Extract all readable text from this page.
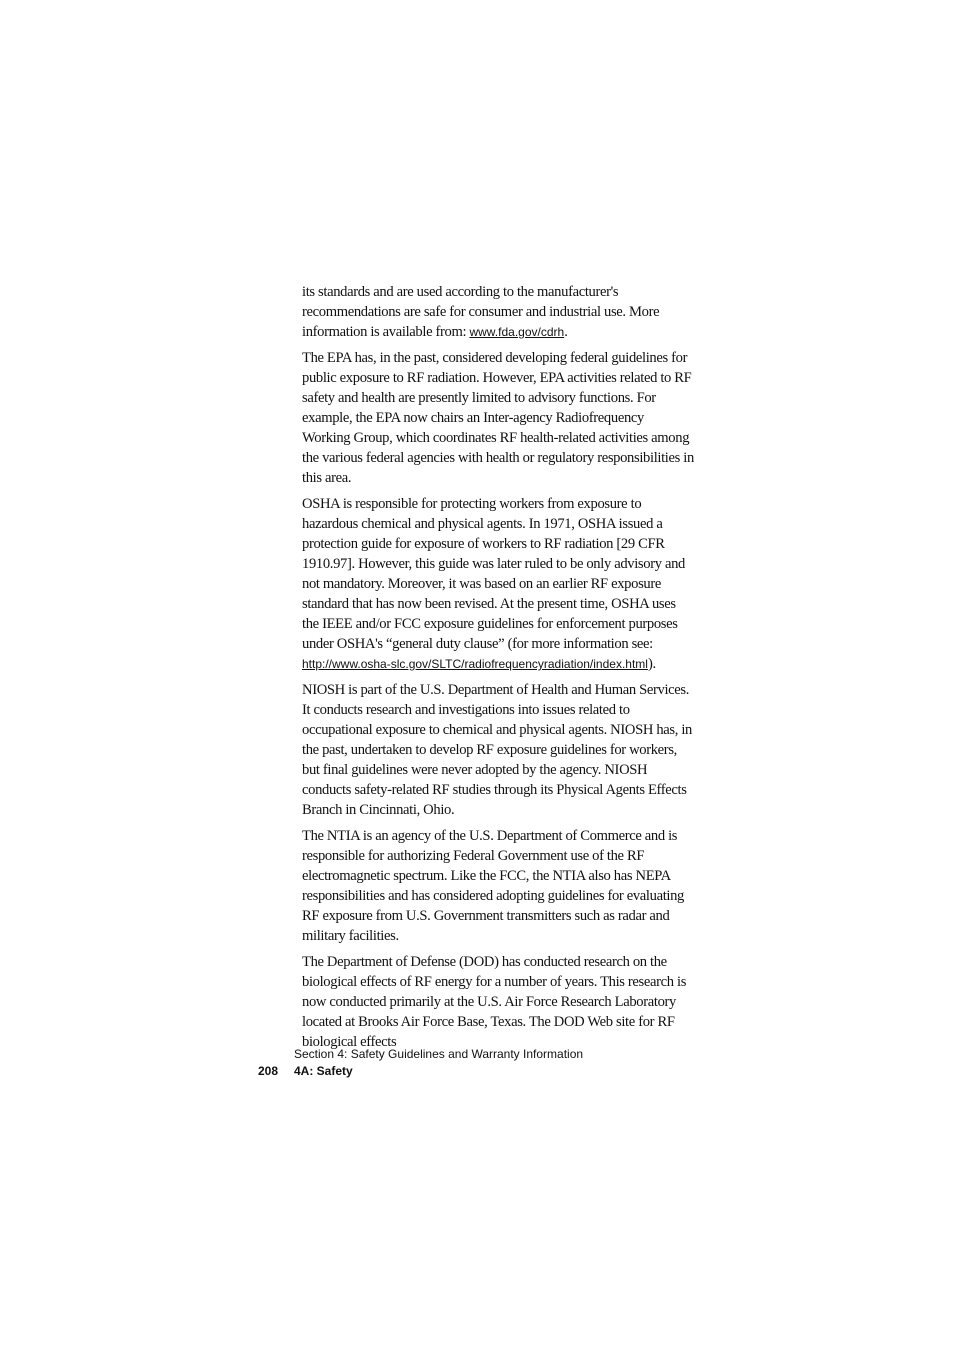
its standards and are used according to the manufacturer's recommendations are safe for consumer and industrial use. More information is available from: www.fda.gov/cdrh.

The EPA has, in the past, considered developing federal guidelines for public exposure to RF radiation. However, EPA activities related to RF safety and health are presently limited to advisory functions. For example, the EPA now chairs an Inter-agency Radiofrequency Working Group, which coordinates RF health-related activities among the various federal agencies with health or regulatory responsibilities in this area.

OSHA is responsible for protecting workers from exposure to hazardous chemical and physical agents. In 1971, OSHA issued a protection guide for exposure of workers to RF radiation [29 CFR 1910.97]. However, this guide was later ruled to be only advisory and not mandatory. Moreover, it was based on an earlier RF exposure standard that has now been revised. At the present time, OSHA uses the IEEE and/or FCC exposure guidelines for enforcement purposes under OSHA's “general duty clause” (for more information see: http://www.osha-slc.gov/SLTC/radiofrequencyradiation/index.html).

NIOSH is part of the U.S. Department of Health and Human Services. It conducts research and investigations into issues related to occupational exposure to chemical and physical agents. NIOSH has, in the past, undertaken to develop RF exposure guidelines for workers, but final guidelines were never adopted by the agency. NIOSH conducts safety-related RF studies through its Physical Agents Effects Branch in Cincinnati, Ohio.

The NTIA is an agency of the U.S. Department of Commerce and is responsible for authorizing Federal Government use of the RF electromagnetic spectrum. Like the FCC, the NTIA also has NEPA responsibilities and has considered adopting guidelines for evaluating RF exposure from U.S. Government transmitters such as radar and military facilities.

The Department of Defense (DOD) has conducted research on the biological effects of RF energy for a number of years. This research is now conducted primarily at the U.S. Air Force Research Laboratory located at Brooks Air Force Base, Texas. The DOD Web site for RF biological effects

Section 4: Safety Guidelines and Warranty Information
208 4A: Safety
